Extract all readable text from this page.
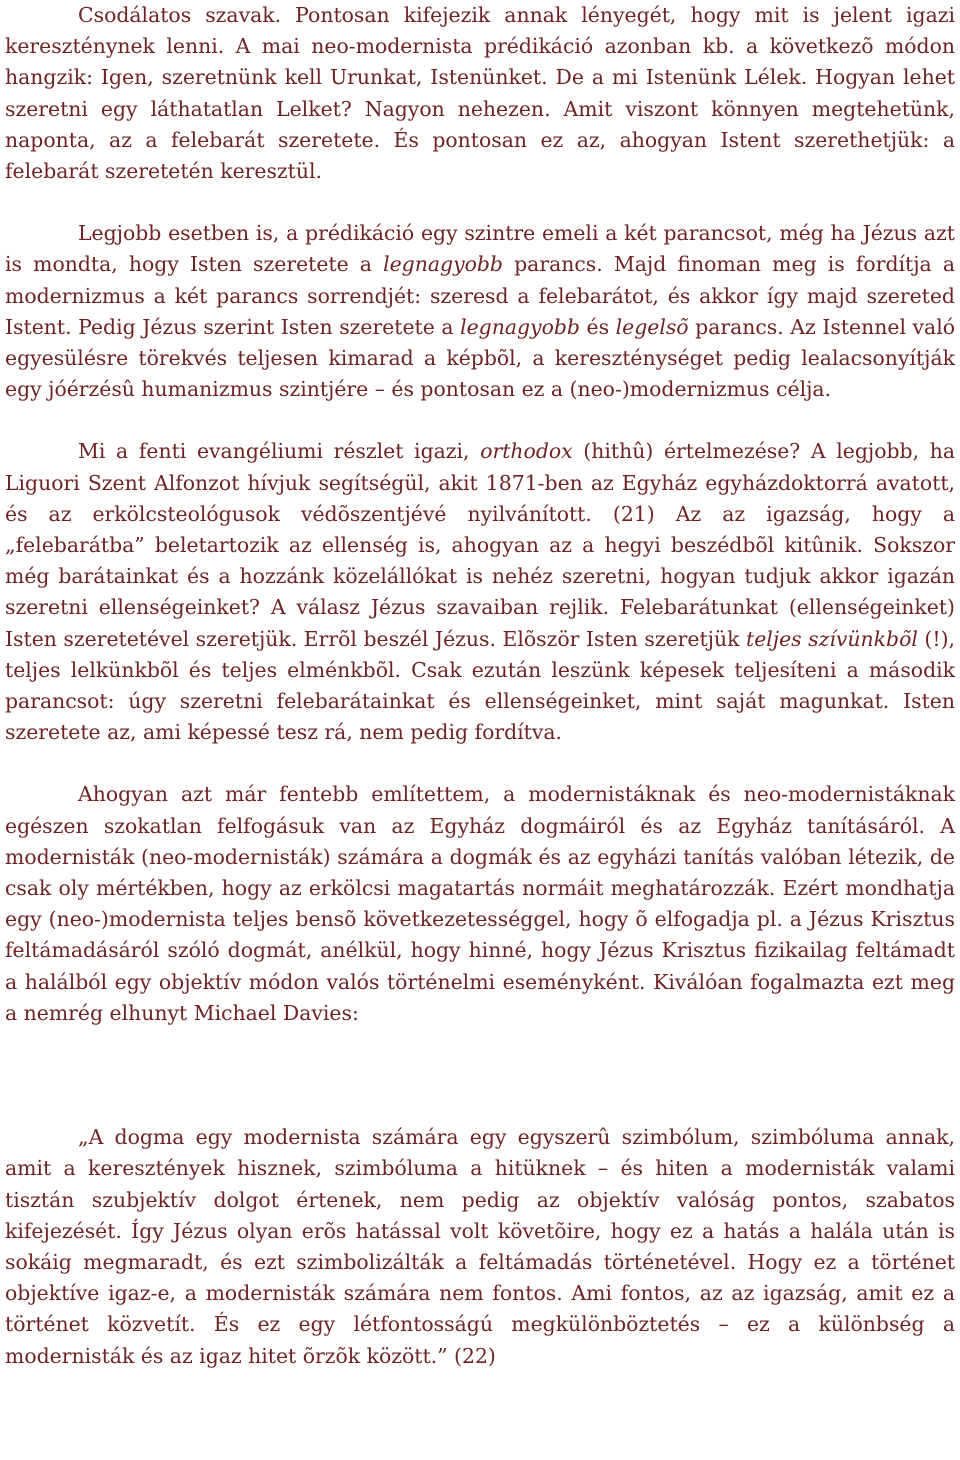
Csodálatos szavak. Pontosan kifejezik annak lényegét, hogy mit is jelent igazi kereszténynek lenni. A mai neo-modernista prédikáció azonban kb. a következõ módon hangzik: Igen, szeretnünk kell Urunkat, Istenünket. De a mi Istenünk Lélek. Hogyan lehet szeretni egy láthatatlan Lelket? Nagyon nehezen. Amit viszont könnyen megtehetünk, naponta, az a felebarát szeretete. És pontosan ez az, ahogyan Istent szerethetjük: a felebarát szeretetén keresztül.

Legjobb esetben is, a prédikáció egy szintre emeli a két parancsot, még ha Jézus azt is mondta, hogy Isten szeretete a legnagyobb parancs. Majd finoman meg is fordítja a modernizmus a két parancs sorrendjét: szeresd a felebarátot, és akkor így majd szereted Istent. Pedig Jézus szerint Isten szeretete a legnagyobb és legelsõ parancs. Az Istennel való egyesülésre törekvés teljesen kimarad a képbõl, a kereszténységet pedig lealacsonyítják egy jóérzésû humanizmus szintjére – és pontosan ez a (neo-)modernizmus célja.

Mi a fenti evangéliumi részlet igazi, orthodox (hithû) értelmezése? A legjobb, ha Liguori Szent Alfonzot hívjuk segítségül, akit 1871-ben az Egyház egyházdoktorrá avatott, és az erkölcsteológusok védõszentjévé nyilvánított. (21) Az az igazság, hogy a „felebarátba” beletartozik az ellenség is, ahogyan az a hegyi beszédbõl kitûnik. Sokszor még barátainkat és a hozzánk közelállókat is nehéz szeretni, hogyan tudjuk akkor igazán szeretni ellenségeinket? A válasz Jézus szavaiban rejlik. Felebarátunkat (ellenségeinket) Isten szeretetével szeretjük. Errõl beszél Jézus. Elõször Isten szeretjük teljes szívünkbõl (!), teljes lelkünkbõl és teljes elménkbõl. Csak ezután leszünk képesek teljesíteni a második parancsot: úgy szeretni felebarátainkat és ellenségeinket, mint saját magunkat. Isten szeretete az, ami képessé tesz rá, nem pedig fordítva.

Ahogyan azt már fentebb említettem, a modernistáknak és neo-modernistáknak egészen szokatlan felfogásuk van az Egyház dogmáiról és az Egyház tanításáról. A modernisták (neo-modernisták) számára a dogmák és az egyházi tanítás valóban létezik, de csak oly mértékben, hogy az erkölcsi magatartás normáit meghatározzák. Ezért mondhatja egy (neo-)modernista teljes bensõ következetességgel, hogy õ elfogadja pl. a Jézus Krisztus feltámadásáról szóló dogmát, anélkül, hogy hinné, hogy Jézus Krisztus fizikailag feltámadt a halálból egy objektív módon valós történelmi eseményként. Kiválóan fogalmazta ezt meg a nemrég elhunyt Michael Davies:

„A dogma egy modernista számára egy egyszerû szimbólum, szimbóluma annak, amit a keresztények hisznek, szimbóluma a hitüknek – és hiten a modernisták valami tisztán szubjektív dolgot értenek, nem pedig az objektív valóság pontos, szabatos kifejezését. Így Jézus olyan erõs hatással volt követõire, hogy ez a hatás a halála után is sokáig megmaradt, és ezt szimbolizálták a feltámadás történetével. Hogy ez a történet objektíve igaz-e, a modernisták számára nem fontos. Ami fontos, az az igazság, amit ez a történet közvetít. És ez egy létfontosságú megkülönböztetés – ez a különbség a modernisták és az igaz hitet õrzõk között.” (22)
